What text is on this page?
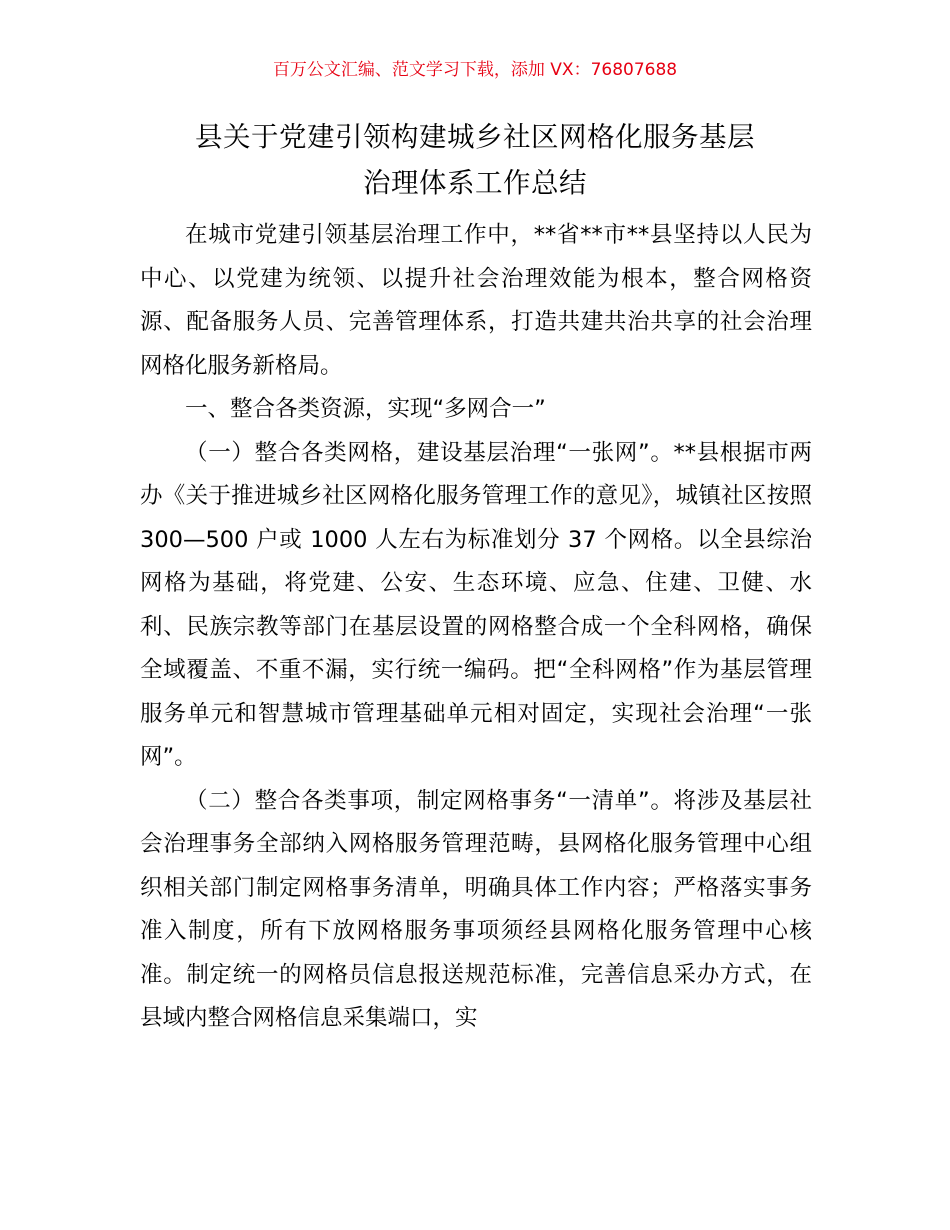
百万公文汇编、范文学习下载，添加 VX：76807688
县关于党建引领构建城乡社区网格化服务基层
治理体系工作总结

在城市党建引领基层治理工作中，**省**市**县坚持以人民为中心、以党建为统领、以提升社会治理效能为根本，整合网格资源、配备服务人员、完善管理体系，打造共建共治共享的社会治理网格化服务新格局。

一、整合各类资源，实现“多网合一”

（一）整合各类网格，建设基层治理“一张网”。**县根据市两办《关于推进城乡社区网格化服务管理工作的意见》，城镇社区按照 300—500 户或 1000 人左右为标准划分 37 个网格。以全县综治网格为基础，将党建、公安、生态环境、应急、住建、卫健、水利、民族宗教等部门在基层设置的网格整合成一个全科网格，确保全域覆盖、不重不漏，实行统一编码。把“全科网格”作为基层管理服务单元和智慧城市管理基础单元相对固定，实现社会治理“一张网”。

（二）整合各类事项，制定网格事务“一清单”。将涉及基层社会治理事务全部纳入网格服务管理范畴，县网格化服务管理中心组织相关部门制定网格事务清单，明确具体工作内容；严格落实事务准入制度，所有下放网格服务事项须经县网格化服务管理中心核准。制定统一的网格员信息报送规范标准，完善信息采办方式，在县域内整合网格信息采集端口，实
